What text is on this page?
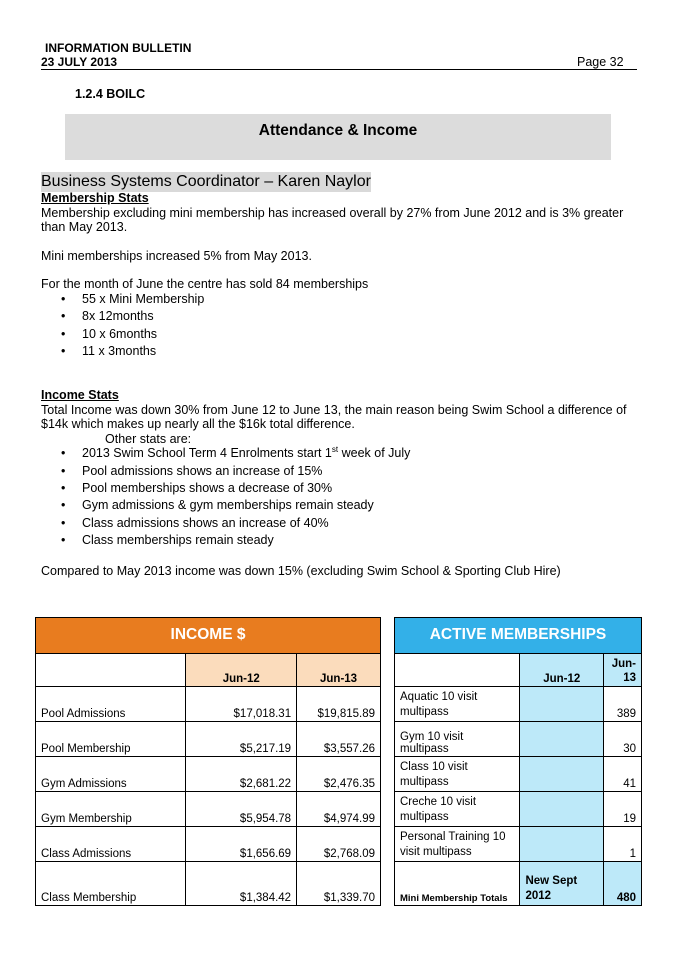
INFORMATION BULLETIN
23 JULY 2013	Page 32
1.2.4 BOILC
Attendance & Income
Business Systems Coordinator – Karen Naylor
Membership Stats
Membership excluding mini membership has increased overall by 27% from June 2012 and is 3% greater
than May 2013.
Mini memberships increased 5% from May 2013.
For the month of June the centre has sold 84 memberships
• 55 x Mini Membership
• 8x 12months
• 10 x 6months
• 11 x 3months
Income Stats
Total Income was down 30% from June 12 to June 13, the main reason being Swim School a difference of
$14k which makes up nearly all the $16k total difference.
Other stats are:
• 2013 Swim School Term 4 Enrolments start 1st week of July
• Pool admissions shows an increase of 15%
• Pool memberships shows a decrease of 30%
• Gym admissions & gym memberships remain steady
• Class admissions shows an increase of 40%
• Class memberships remain steady
Compared to May 2013 income was down 15% (excluding Swim School & Sporting Club Hire)
INCOME $		
	Jun-12	Jun-13
Pool Admissions	$17,018.31	$19,815.89
Pool Membership	$5,217.19	$3,557.26
Gym Admissions	$2,681.22	$2,476.35
Gym Membership	$5,954.78	$4,974.99
Class Admissions	$1,656.69	$2,768.09
Class Membership	$1,384.42	$1,339.70
ACTIVE MEMBERSHIPS		
	Jun-12	Jun-
13
Aquatic 10 visit
multipass		389
Gym 10 visit multipass		30
Class 10 visit
multipass		41
Creche 10 visit
multipass		19
Personal Training 10
visit multipass		1
Mini Membership Totals	New Sept
2012	480
